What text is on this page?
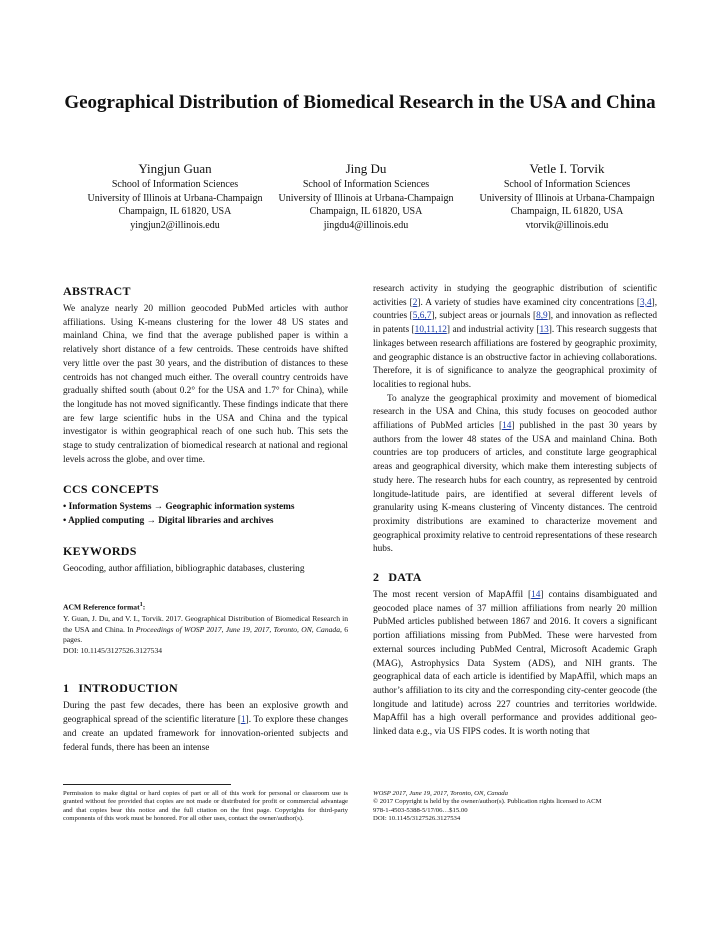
Geographical Distribution of Biomedical Research in the USA and China
Yingjun Guan
School of Information Sciences
University of Illinois at Urbana-Champaign
Champaign, IL 61820, USA
yingjun2@illinois.edu
Jing Du
School of Information Sciences
University of Illinois at Urbana-Champaign
Champaign, IL 61820, USA
jingdu4@illinois.edu
Vetle I. Torvik
School of Information Sciences
University of Illinois at Urbana-Champaign
Champaign, IL 61820, USA
vtorvik@illinois.edu
ABSTRACT

We analyze nearly 20 million geocoded PubMed articles with author affiliations. Using K-means clustering for the lower 48 US states and mainland China, we find that the average published paper is within a relatively short distance of a few centroids. These centroids have shifted very little over the past 30 years, and the distribution of distances to these centroids has not changed much either. The overall country centroids have gradually shifted south (about 0.2° for the USA and 1.7° for China), while the longitude has not moved significantly. These findings indicate that there are few large scientific hubs in the USA and China and the typical investigator is within geographical reach of one such hub. This sets the stage to study centralization of biomedical research at national and regional levels across the globe, and over time.

CCS CONCEPTS

• Information Systems → Geographic information systems

• Applied computing → Digital libraries and archives

KEYWORDS

Geocoding, author affiliation, bibliographic databases, clustering

ACM Reference format$^1$:
Y. Guan, J. Du, and V. I., Torvik. 2017. Geographical Distribution of Biomedical Research in the USA and China. In Proceedings of WOSP 2017, June 19, 2017, Toronto, ON, Canada, 6 pages.
DOI: 10.1145/3127526.3127534
1 INTRODUCTION

During the past few decades, there has been an explosive growth and geographical spread of the scientific literature [1]. To explore these changes and create an updated framework for innovation-oriented subjects and federal funds, there has been an intense

research activity in studying the geographic distribution of scientific activities [2]. A variety of studies have examined city concentrations [3,4], countries [5,6,7], subject areas or journals [8,9], and innovation as reflected in patents [10,11,12] and industrial activity [13]. This research suggests that linkages between research affiliations are fostered by geographic proximity, and geographic distance is an obstructive factor in achieving collaborations. Therefore, it is of significance to analyze the geographical proximity of localities to regional hubs.

To analyze the geographical proximity and movement of biomedical research in the USA and China, this study focuses on geocoded author affiliations of PubMed articles [14] published in the past 30 years by authors from the lower 48 states of the USA and mainland China. Both countries are top producers of articles, and constitute large geographical areas and geographical diversity, which make them interesting subjects of study here. The research hubs for each country, as represented by centroid longitude-latitude pairs, are identified at several different levels of granularity using K-means clustering of Vincenty distances. The centroid proximity distributions are examined to characterize movement and geographical proximity relative to centroid representations of these research hubs.

2 DATA

The most recent version of MapAffil [14] contains disambiguated and geocoded place names of 37 million affiliations from nearly 20 million PubMed articles published between 1867 and 2016. It covers a significant portion affiliations missing from PubMed. These were harvested from external sources including PubMed Central, Microsoft Academic Graph (MAG), Astrophysics Data System (ADS), and NIH grants. The geographical data of each article is identified by MapAffil, which maps an author’s affiliation to its city and the corresponding city-center geocode (the longitude and latitude) across 227 countries and territories worldwide. MapAffil has a high overall performance and provides additional geo-linked data e.g., via US FIPS codes. It is worth noting that

Permission to make digital or hard copies of part or all of this work for personal or classroom use is granted without fee provided that copies are not made or distributed for profit or commercial advantage and that copies bear this notice and the full citation on the first page. Copyrights for third-party components of this work must be honored. For all other uses, contact the owner/author(s).
WOSP 2017, June 19, 2017, Toronto, ON, Canada
© 2017 Copyright is held by the owner/author(s). Publication rights licensed to ACM
978-1-4503-5388-5/17/06…$15.00
DOI: 10.1145/3127526.3127534
